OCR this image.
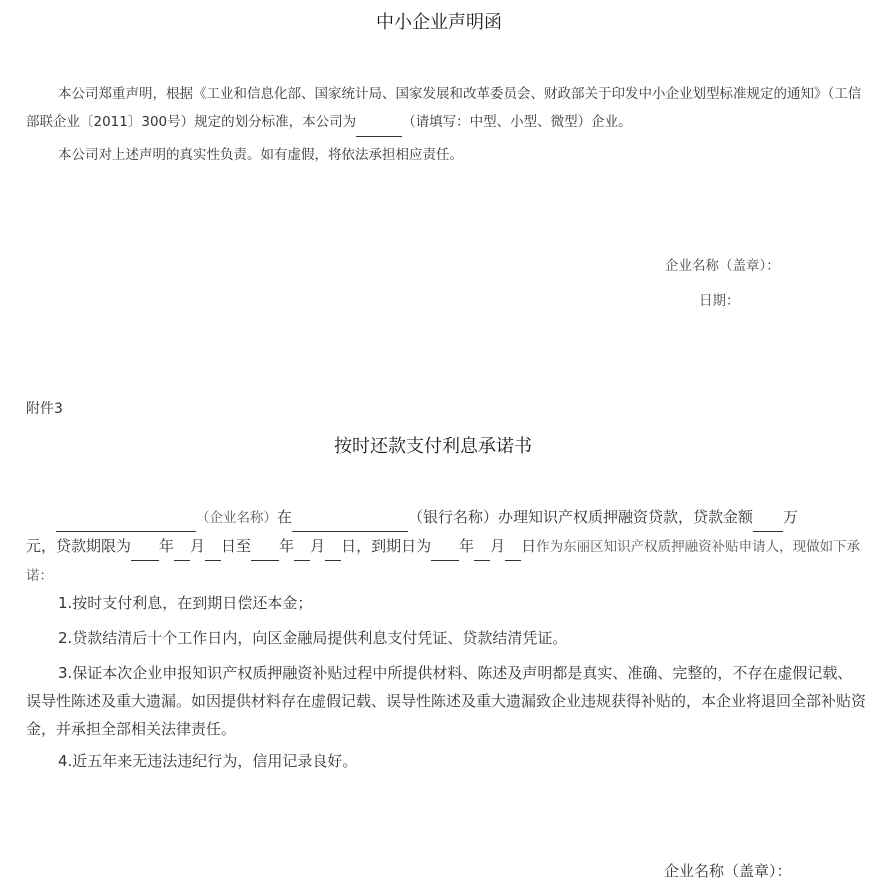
中小企业声明函
本公司郑重声明，根据《工业和信息化部、国家统计局、国家发展和改革委员会、财政部关于印发中小企业划型标准规定的通知》（工信部联企业〔2011〕300号）规定的划分标准，本公司为	（请填写：中型、小型、微型）企业。
本公司对上述声明的真实性负责。如有虚假，将依法承担相应责任。
企业名称（盖章）：
日期：
附件3
按时还款支付利息承诺书
（企业名称）在	（银行名称）办理知识产权质押融资贷款，贷款金额 万
元，贷款期限为 年 月 日至 年 月 日，到期日为 年 月 日作为东丽区知识产权质押融资补贴申请人，现做如下承诺：
1.按时支付利息，在到期日偿还本金；
2.贷款结清后十个工作日内，向区金融局提供利息支付凭证、贷款结清凭证。
3.保证本次企业申报知识产权质押融资补贴过程中所提供材料、陈述及声明都是真实、准确、完整的，不存在虚假记载、误导性陈述及重大遗漏。如因提供材料存在虚假记载、误导性陈述及重大遗漏致企业违规获得补贴的，本企业将退回全部补贴资金，并承担全部相关法律责任。
4.近五年来无违法违纪行为，信用记录良好。
企业名称（盖章）：
